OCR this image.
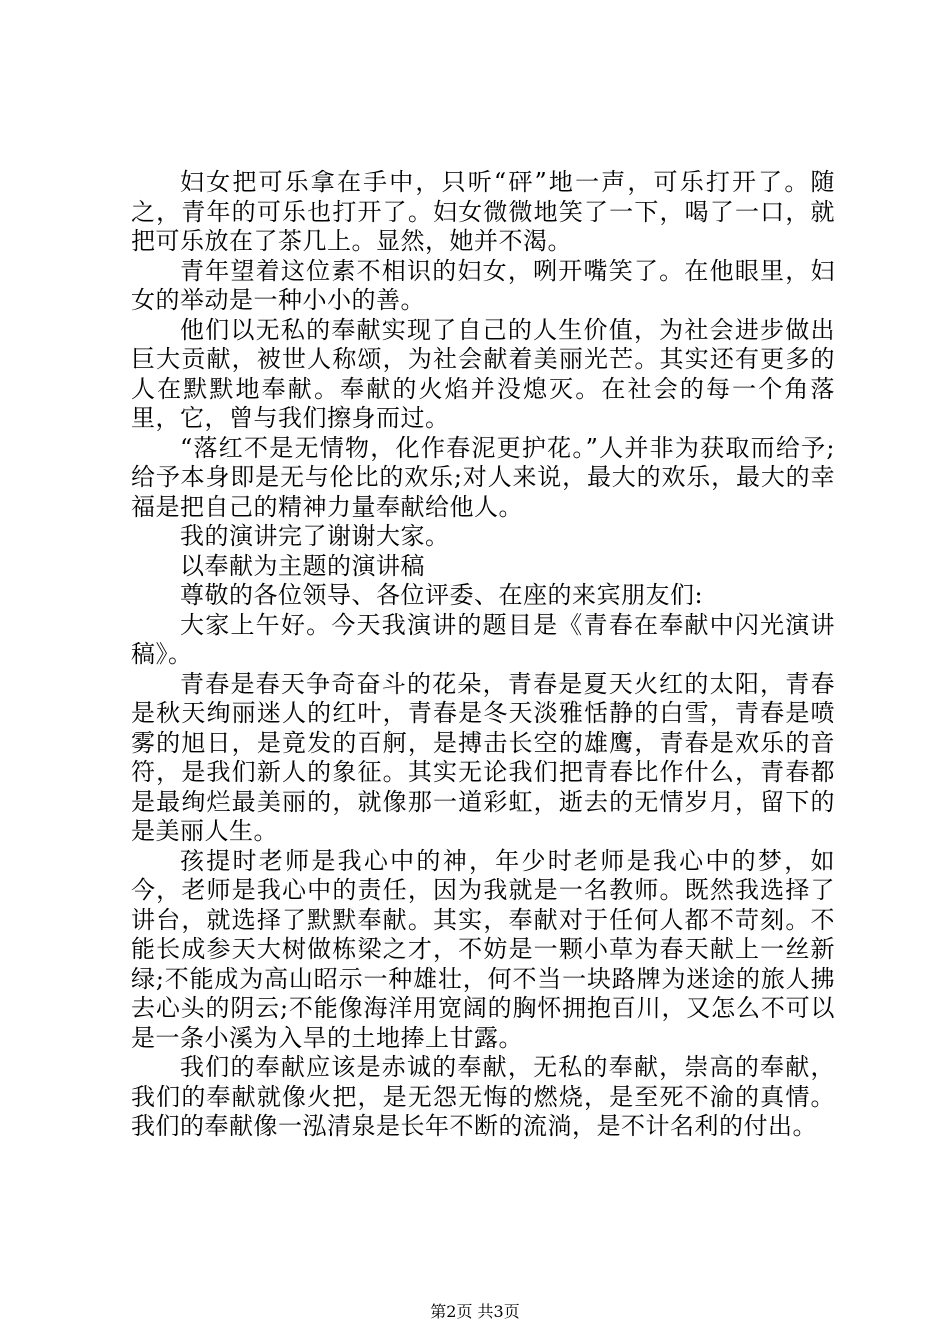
妇女把可乐拿在手中，只听“砰”地一声，可乐打开了。随之，青年的可乐也打开了。妇女微微地笑了一下，喝了一口，就把可乐放在了茶几上。显然，她并不渴。

青年望着这位素不相识的妇女，咧开嘴笑了。在他眼里，妇女的举动是一种小小的善。

他们以无私的奉献实现了自己的人生价值，为社会进步做出巨大贡献，被世人称颂，为社会献着美丽光芒。其实还有更多的人在默默地奉献。奉献的火焰并没熄灭。在社会的每一个角落里，它，曾与我们擦身而过。

“落红不是无情物，化作春泥更护花。”人并非为获取而给予;给予本身即是无与伦比的欢乐;对人来说，最大的欢乐，最大的幸福是把自己的精神力量奉献给他人。

我的演讲完了谢谢大家。

以奉献为主题的演讲稿

尊敬的各位领导、各位评委、在座的来宾朋友们:

大家上午好。今天我演讲的题目是《青春在奉献中闪光演讲稿》。

青春是春天争奇奋斗的花朵，青春是夏天火红的太阳，青春是秋天绚丽迷人的红叶，青春是冬天淡雅恬静的白雪，青春是喷雾的旭日，是竟发的百舸，是搏击长空的雄鹰，青春是欢乐的音符，是我们新人的象征。其实无论我们把青春比作什么，青春都是最绚烂最美丽的，就像那一道彩虹，逝去的无情岁月，留下的是美丽人生。

孩提时老师是我心中的神，年少时老师是我心中的梦，如今，老师是我心中的责任，因为我就是一名教师。既然我选择了讲台，就选择了默默奉献。其实，奉献对于任何人都不苛刻。不能长成参天大树做栋梁之才，不妨是一颗小草为春天献上一丝新绿;不能成为高山昭示一种雄壮，何不当一块路牌为迷途的旅人拂去心头的阴云;不能像海洋用宽阔的胸怀拥抱百川，又怎么不可以是一条小溪为入旱的土地捧上甘露。

我们的奉献应该是赤诚的奉献，无私的奉献，崇高的奉献，我们的奉献就像火把，是无怨无悔的燃烧，是至死不渝的真情。我们的奉献像一泓清泉是长年不断的流淌，是不计名利的付出。

第2页 共3页
